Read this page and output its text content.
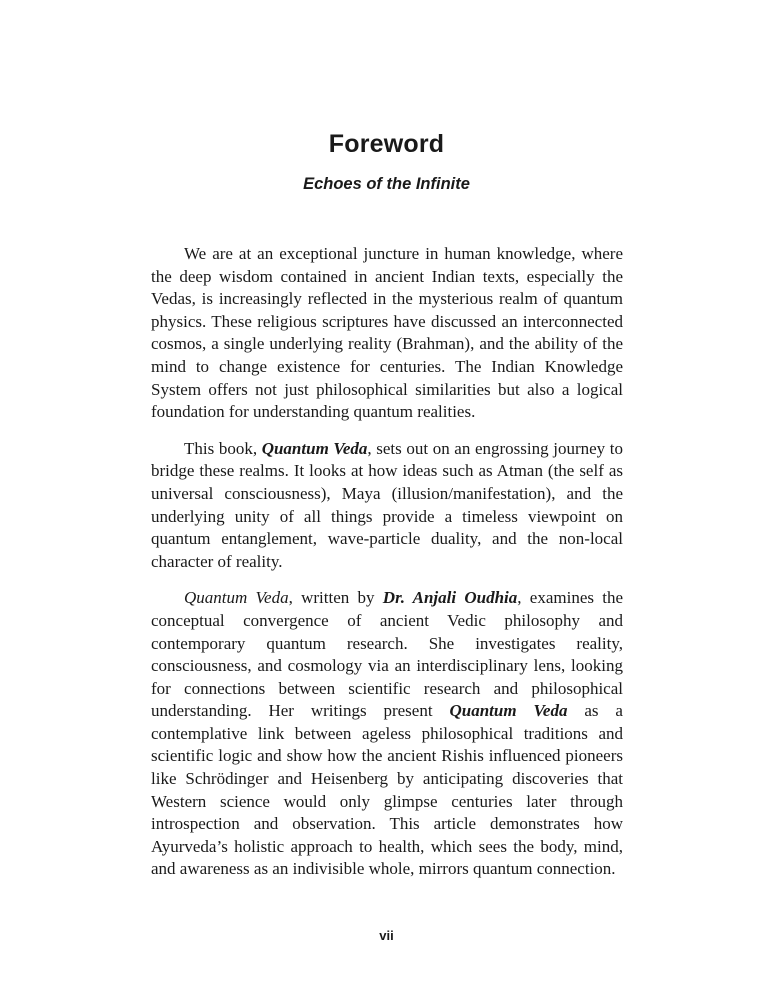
Foreword
Echoes of the Infinite

We are at an exceptional juncture in human knowledge, where the deep wisdom contained in ancient Indian texts, especially the Vedas, is increasingly reflected in the mysterious realm of quantum physics. These religious scriptures have discussed an interconnected cosmos, a single underlying reality (Brahman), and the ability of the mind to change existence for centuries. The Indian Knowledge System offers not just philosophical similarities but also a logical foundation for understanding quantum realities.

This book, Quantum Veda, sets out on an engrossing journey to bridge these realms. It looks at how ideas such as Atman (the self as universal consciousness), Maya (illusion/manifestation), and the underlying unity of all things provide a timeless viewpoint on quantum entanglement, wave-particle duality, and the non-local character of reality.

Quantum Veda, written by Dr. Anjali Oudhia, examines the conceptual convergence of ancient Vedic philosophy and contemporary quantum research. She investigates reality, consciousness, and cosmology via an interdisciplinary lens, looking for connections between scientific research and philosophical understanding. Her writings present Quantum Veda as a contemplative link between ageless philosophical traditions and scientific logic and show how the ancient Rishis influenced pioneers like Schrödinger and Heisenberg by anticipating discoveries that Western science would only glimpse centuries later through introspection and observation. This article demonstrates how Ayurveda’s holistic approach to health, which sees the body, mind, and awareness as an indivisible whole, mirrors quantum connection.

vii
